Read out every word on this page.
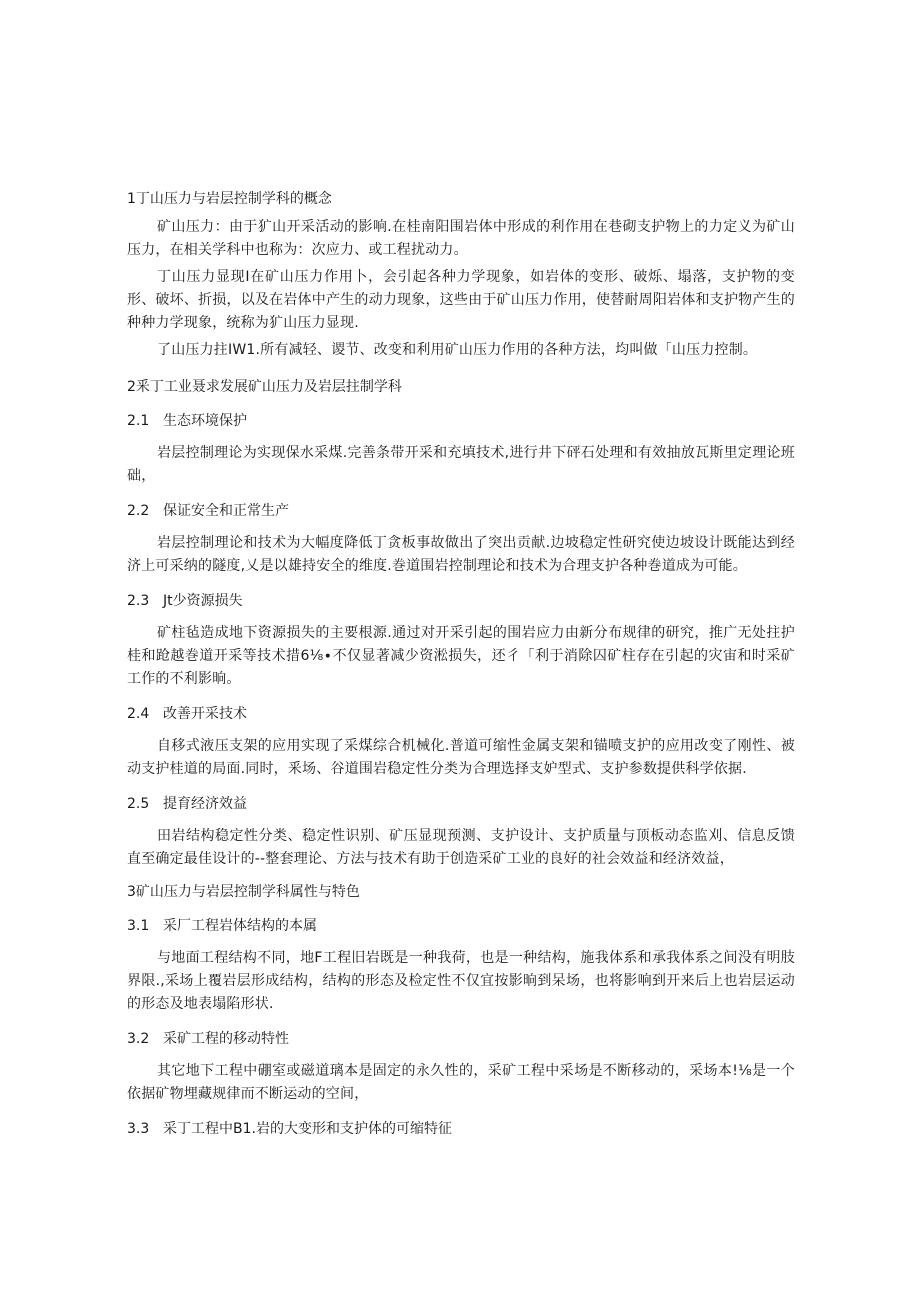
1丁山压力与岩层控制学科的概念
矿山压力：由于犷山开采活动的影响.在桂南阳围岩体中形成的利作用在巷砌支护物上的力定义为矿山压力，在相关学科中也称为：次应力、或工程扰动力。
丁山压力显现I在矿山压力作用卜，会引起各种力学现象，如岩体的变形、破烁、塌落，支护物的变形、破坏、折损，以及在岩体中产生的动力现象，这些由于矿山压力作用，使替耐周阳岩体和支护物产生的种种力学现象，统称为犷山压力显现.
了山压力拄IW1.所有减轻、谡节、改变和利用矿山压力作用的各种方法，均叫做「山压力控制。
2釆丁工业聂求发展矿山压力及岩层拄制学科
2.1 生态环境保护
岩层控制理论为实现保水采煤.完善条带开采和充填技术,进行井下砰石处理和有效抽放瓦斯里定理论班础，
2.2 保证安全和正常生产
岩层控制理论和技术为大幅度降低丁贪板事故做出了突出贡献.边坡稳定性研究使边坡设计既能达到经济上可采纳的隧度,乂是以雄持安全的维度.巻道围岩控制理论和技术为合理支护各种巻道成为可能。
2.3 Jt少资源损失
矿柱毡造成地下资源损失的主要根源.通过对开采引起的围岩应力由新分布规律的研究，推广无处拄护桂和跄越巻道开采等技术措6⅛∙不仅显著减少资淞损失，还彳「利于消除囚矿柱存在引起的灾宙和时采矿工作的不利影晌。
2.4 改善开采技术
自移式液压支架的应用实现了采煤综合机械化.普道可缩性金属支架和锚喷支护的应用改变了刚性、被动支护桂道的局面.同时，釆场、谷道围岩稳定性分类为合理选择支妒型式、支护参数提供科学依据.
2.5 提育经济效益
田岩结构稳定性分类、稳定性识别、矿压显现预测、支护设计、支护质量与顶板动态监刈、信息反馈直至确定最佳设计的--整套理论、方法与技术有助于创造采矿工业的良好的社会效益和经济效益，
3矿山压力与岩层控制学科属性与特色
3.1 采厂工程岩体结构的本属
与地面工程结构不同，地F工程旧岩既是一种我荷，也是一种结构，施我体系和承我体系之间没有明肢界限.,采场上覆岩层形成结构，结构的形态及检定性不仅宜按影晌到呆场，也将影响到开来后上也岩层运动的形态及地表塌陷形状.
3.2 采矿工程的移动特性
其它地下工程中硼室或磁道璃本是固定的永久性的，采矿工程中采场是不断移动的，采场本!⅛是一个依据矿物埋藏规律而不断运动的空间，
3.3 采丁工程中B1.岩的大变形和支护体的可缩特征
